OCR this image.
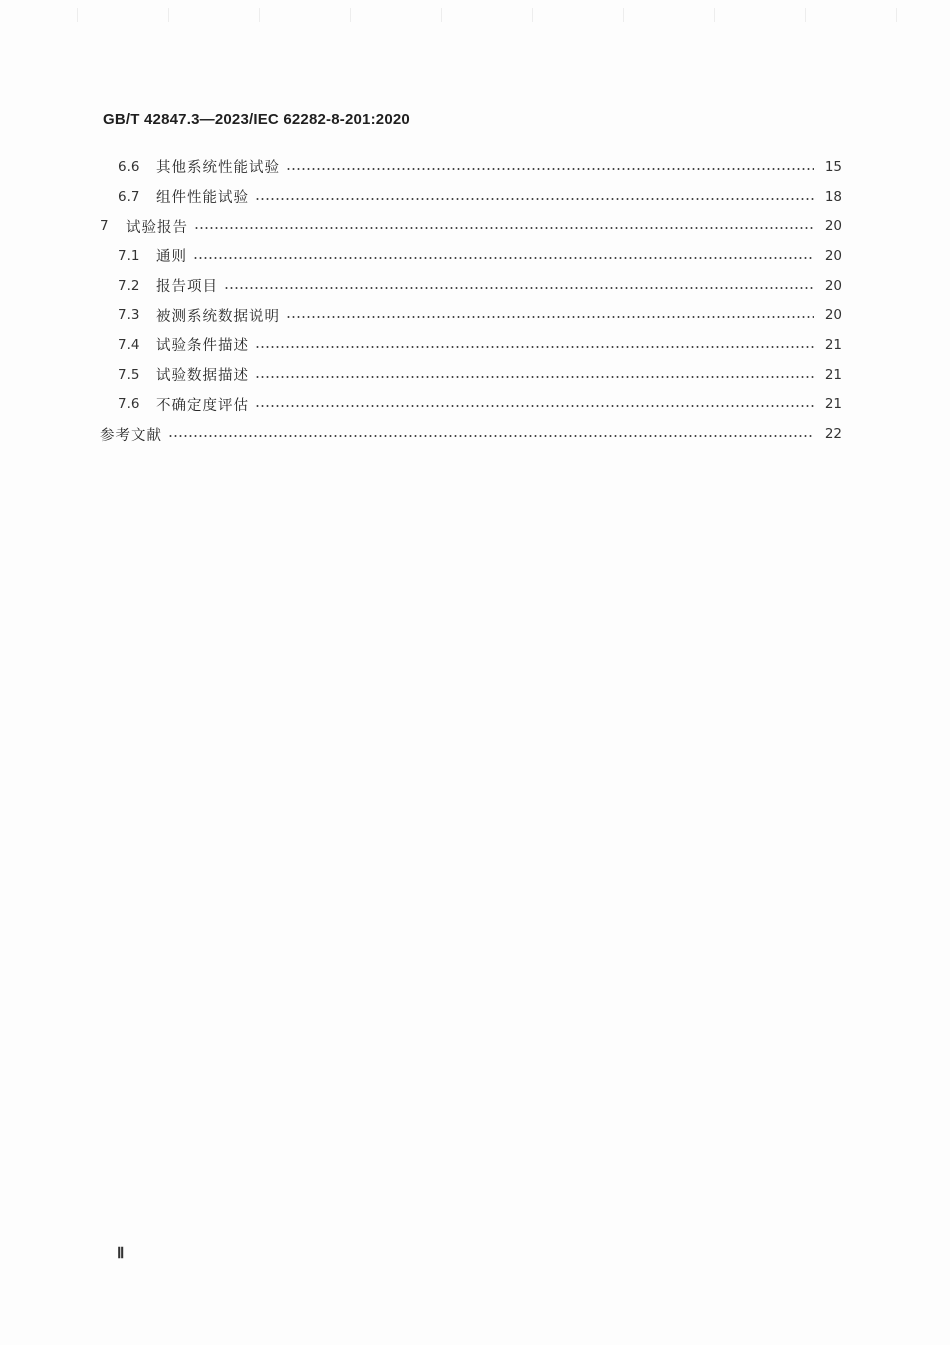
GB/T 42847.3—2023/IEC 62282-8-201:2020
6.6	其他系统性能试验	15
6.7	组件性能试验	18
7	试验报告	20
7.1	通则	20
7.2	报告项目	20
7.3	被测系统数据说明	20
7.4	试验条件描述	21
7.5	试验数据描述	21
7.6	不确定度评估	21
参考文献	22
Ⅱ
